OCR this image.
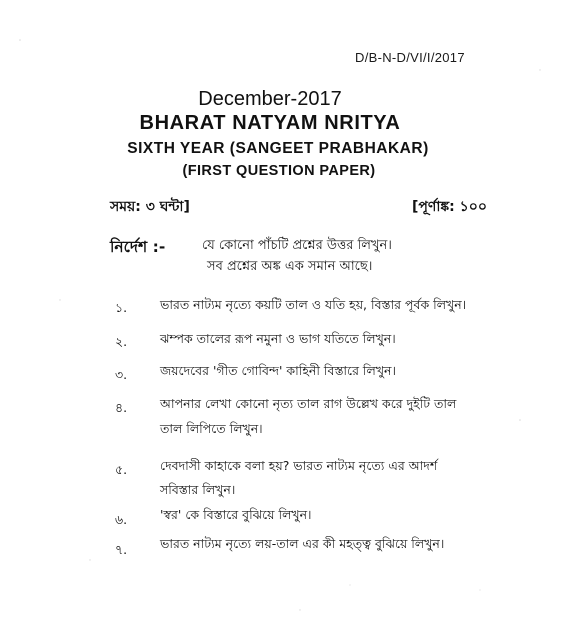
D/B-N-D/VI/I/2017
December-2017
BHARAT NATYAM NRITYA
SIXTH YEAR (SANGEET PRABHAKAR)
(FIRST QUESTION PAPER)
সময়: ৩ ঘন্টা]	[পূর্ণাঙ্ক: ১০০
নির্দেশ :-	যে কোনো পাঁচটি প্রশ্নের উত্তর লিখুন।
সব প্রশ্নের অঙ্ক এক সমান আছে।
১.	ভারত নাট্যম নৃত্যে কয়টি তাল ও যতি হয়, বিস্তার পূর্বক লিখুন।
২.	ঝম্পক তালের রূপ নমুনা ও ভাগ যতিতে লিখুন।
৩.	জয়দেবের 'গীত গোবিন্দ' কাহিনী বিস্তারে লিখুন।
৪.	আপনার লেখা কোনো নৃত্য তাল রাগ উল্লেখ করে দুইটি তাল
তাল লিপিতে লিখুন।
৫.	দেবদাসী কাহাকে বলা হয়? ভারত নাট্যম নৃত্যে এর আদর্শ
সবিস্তার লিখুন।
৬.	'স্বর' কে বিস্তারে বুঝিয়ে লিখুন।
৭.	ভারত নাট্যম নৃত্যে লয়-তাল এর কী মহত্ত্ব বুঝিয়ে লিখুন।
